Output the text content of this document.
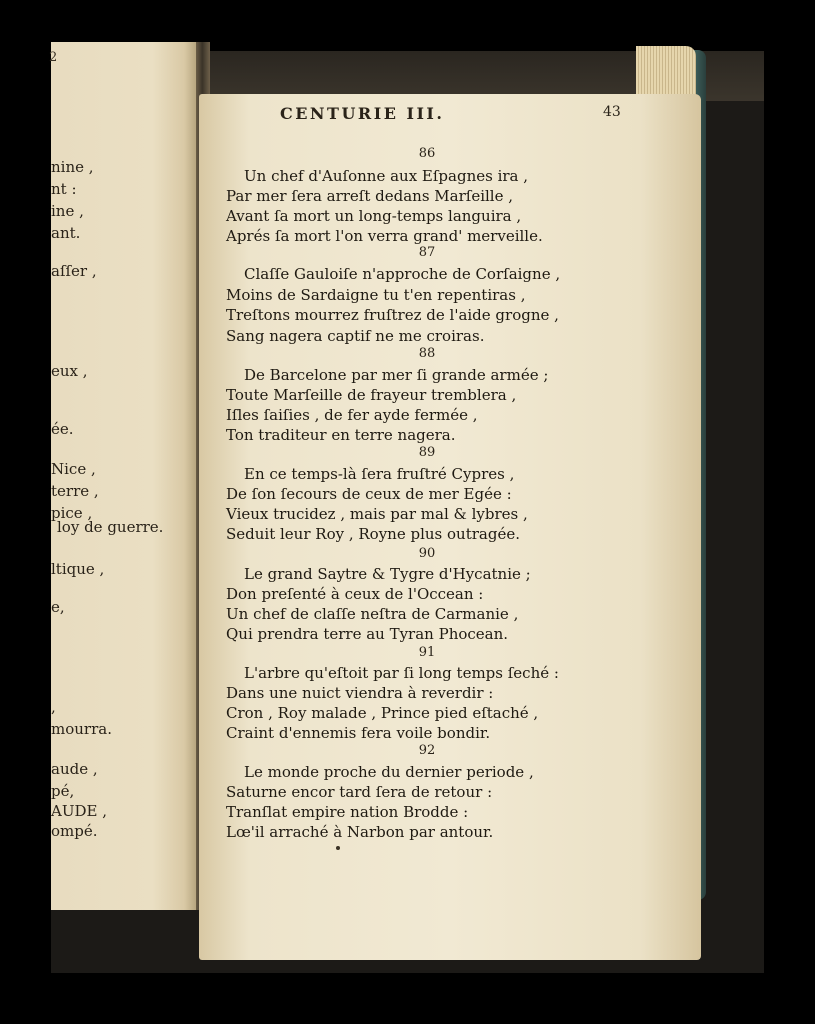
2
nine ,
nt :
ine ,
ant.
aſſer ,
eux ,
ée.
Nice ,
terre ,
pice ,
loy de guerre.
ltique ,
e,
,
mourra.
aude ,
pé,
AUDE ,
ompé.
CENTURIE III.	43
86
Un chef d'Auſonne aux Eſpagnes ira ,
Par mer ſera arreſt dedans Marſeille ,
Avant ſa mort un long-temps languira ,
Aprés ſa mort l'on verra grand' merveille.
87
Claſſe Gauloiſe n'approche de Corſaigne ,
Moins de Sardaigne tu t'en repentiras ,
Treſtons mourrez fruſtrez de l'aide grogne ,
Sang nagera captif ne me croiras.
88
De Barcelone par mer ſi grande armée ;
Toute Marſeille de frayeur tremblera ,
Iſles ſaiſies , de fer ayde fermée ,
Ton traditeur en terre nagera.
89
En ce temps-là ſera fruſtré Cypres ,
De ſon ſecours de ceux de mer Egée :
Vieux trucidez , mais par mal & lybres ,
Seduit leur Roy , Royne plus outragée.
90
Le grand Saytre & Tygre d'Hycatnie ;
Don preſenté à ceux de l'Occean :
Un chef de claſſe neſtra de Carmanie ,
Qui prendra terre au Tyran Phocean.
91
L'arbre qu'eſtoit par ſi long temps ſeché :
Dans une nuict viendra à reverdir :
Cron , Roy malade , Prince pied eſtaché ,
Craint d'ennemis fera voile bondir.
92
Le monde proche du dernier periode ,
Saturne encor tard ſera de retour :
Tranſlat empire nation Brodde :
Lœ'il arraché à Narbon par antour.
